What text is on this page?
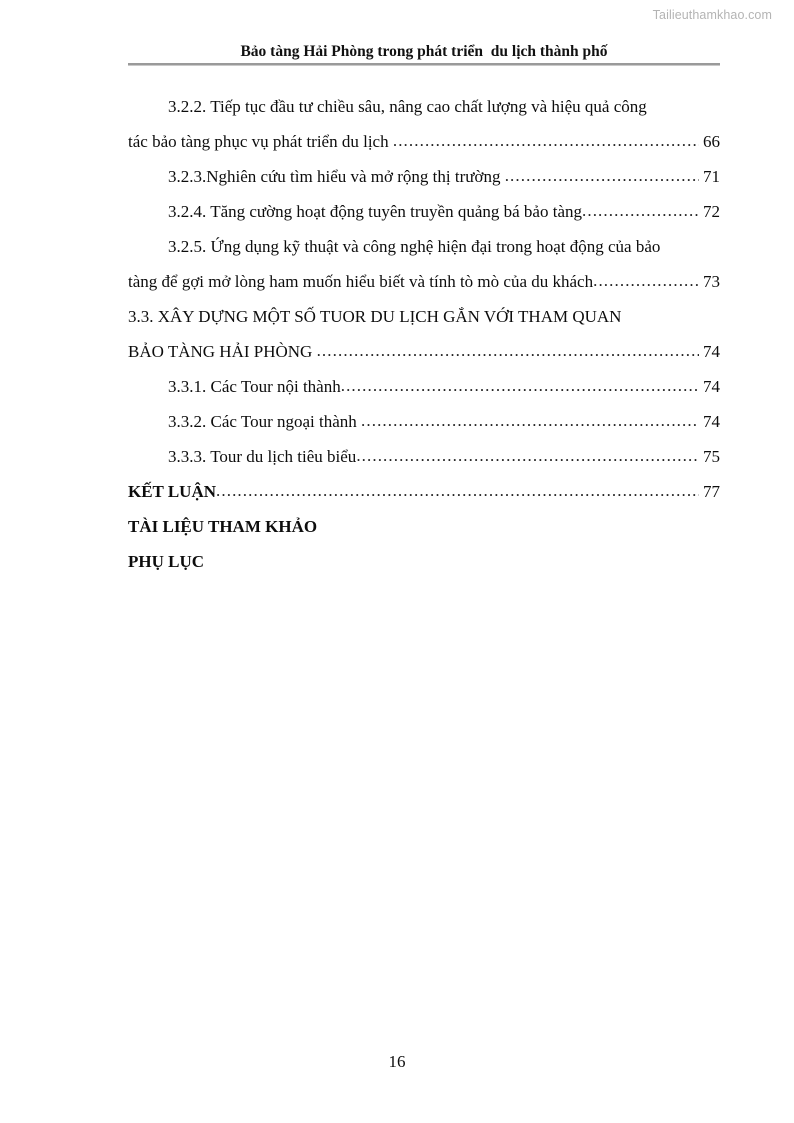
Tailieuthamkhao.com
Bảo tàng Hải Phòng trong phát triển  du lịch thành phố
3.2.2. Tiếp tục đầu tư chiều sâu, nâng cao chất lượng và hiệu quả công
tác bảo tàng phục vụ phát triển du lịch .....	66
3.2.3.Nghiên cứu tìm hiểu và mở rộng thị trường .....	71
3.2.4. Tăng cường hoạt động tuyên truyền quảng bá bảo tàng .....	72
3.2.5. Ứng dụng kỹ thuật và công nghệ hiện đại trong hoạt động của bảo
tàng để gợi mở lòng ham muốn hiểu biết và tính tò mò của du khách .....	73
3.3. XÂY DỰNG MỘT SỐ TUOR DU LỊCH GẮN VỚI THAM QUAN
BẢO TÀNG HẢI PHÒNG .....	74
3.3.1. Các Tour nội thành .....	74
3.3.2. Các Tour ngoại thành .....	74
3.3.3. Tour du lịch tiêu biểu .....	75
KẾT LUẬN .....	77
TÀI LIỆU THAM KHẢO
PHỤ LỤC
16
